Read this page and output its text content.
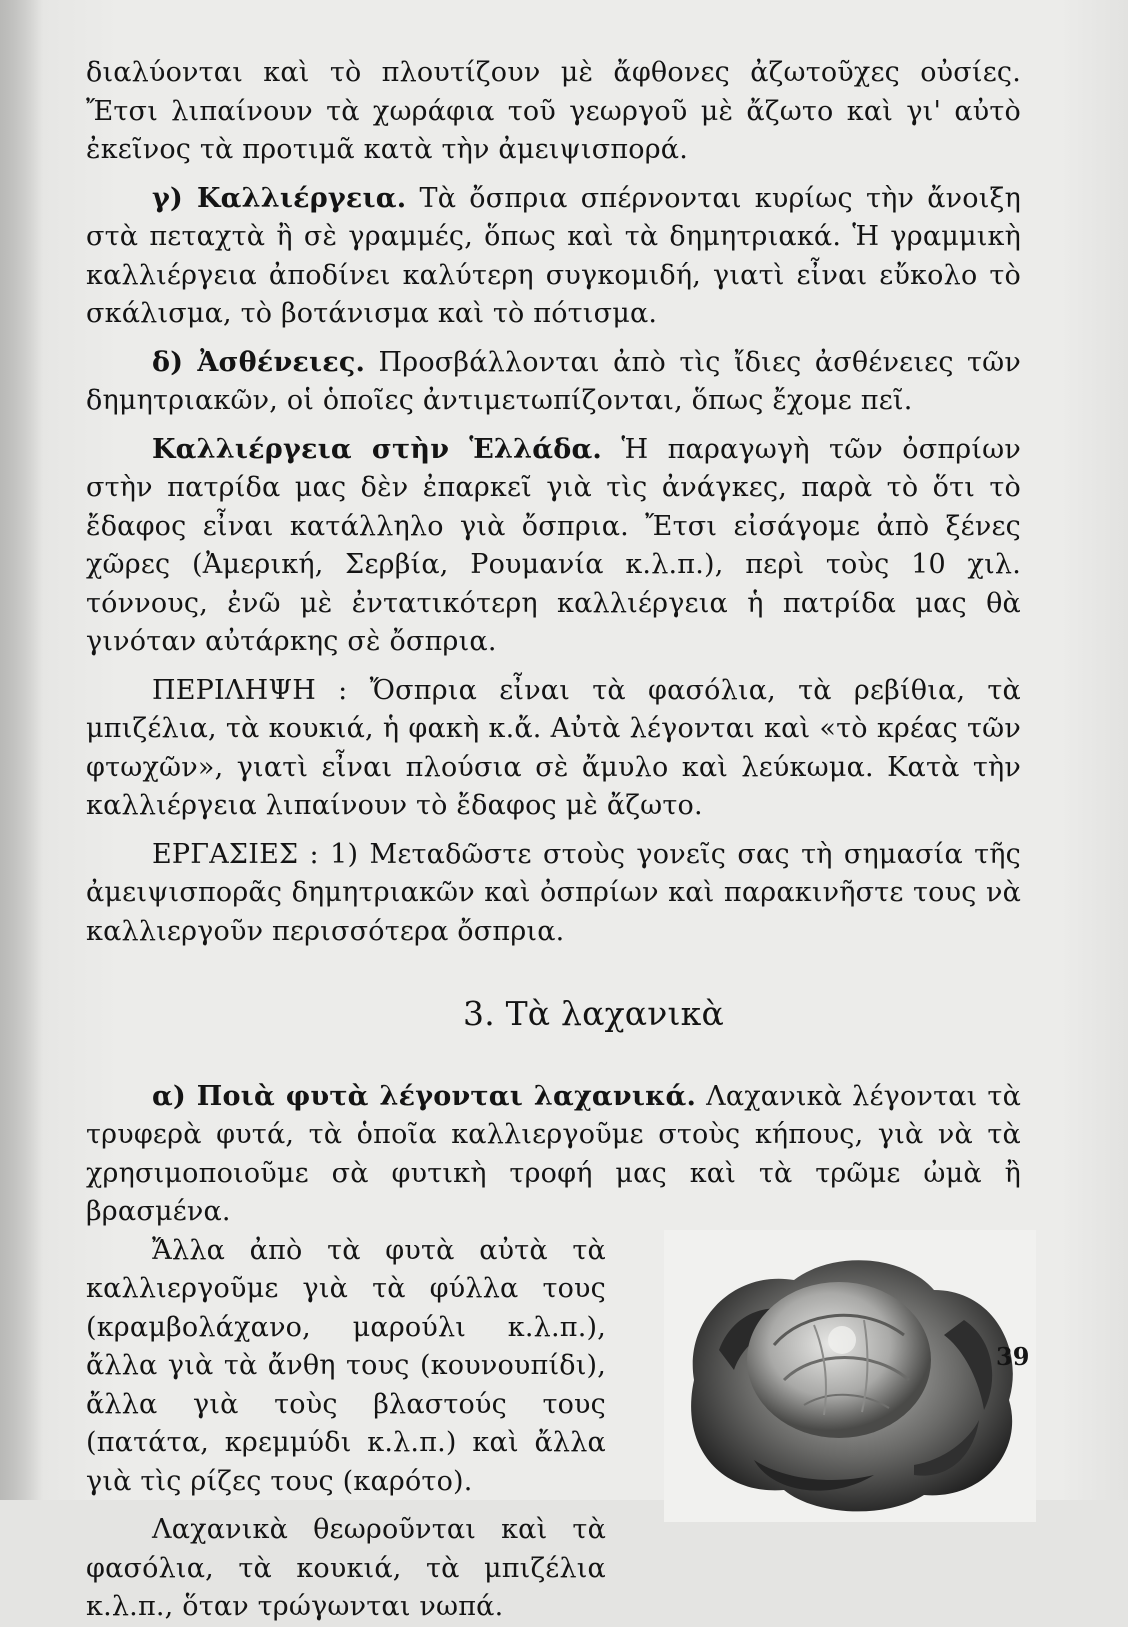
διαλύονται καὶ τὸ πλουτίζουν μὲ ἄφθονες ἀζωτοῦχες οὐσίες. Ἔτσι λιπαίνουν τὰ χωράφια τοῦ γεωργοῦ μὲ ἄζωτο καὶ γι' αὐτὸ ἐκεῖνος τὰ προτιμᾶ κατὰ τὴν ἀμειψισπορά.

γ) Καλλιέργεια. Τὰ ὄσπρια σπέρνονται κυρίως τὴν ἄνοιξη στὰ πεταχτὰ ἢ σὲ γραμμές, ὅπως καὶ τὰ δημητριακά. Ἡ γραμμικὴ καλλιέργεια ἀποδίνει καλύτερη συγκομιδή, γιατὶ εἶναι εὔκολο τὸ σκάλισμα, τὸ βοτάνισμα καὶ τὸ πότισμα.

δ) Ἀσθένειες. Προσβάλλονται ἀπὸ τὶς ἴδιες ἀσθένειες τῶν δημητριακῶν, οἱ ὁποῖες ἀντιμετωπίζονται, ὅπως ἔχομε πεῖ.

Καλλιέργεια στὴν Ἑλλάδα. Ἡ παραγωγὴ τῶν ὀσπρίων στὴν πατρίδα μας δὲν ἐπαρκεῖ γιὰ τὶς ἀνάγκες, παρὰ τὸ ὅτι τὸ ἔδαφος εἶναι κατάλληλο γιὰ ὄσπρια. Ἔτσι εἰσάγομε ἀπὸ ξένες χῶρες (Ἀμερική, Σερβία, Ρουμανία κ.λ.π.), περὶ τοὺς 10 χιλ. τόννους, ἐνῶ μὲ ἐντατικότερη καλλιέργεια ἡ πατρίδα μας θὰ γινόταν αὐτάρκης σὲ ὄσπρια.

ΠΕΡΙΛΗΨΗ : Ὄσπρια εἶναι τὰ φασόλια, τὰ ρεβίθια, τὰ μπιζέλια, τὰ κουκιά, ἡ φακὴ κ.ἄ. Αὐτὰ λέγονται καὶ «τὸ κρέας τῶν φτωχῶν», γιατὶ εἶναι πλούσια σὲ ἄμυλο καὶ λεύκωμα. Κατὰ τὴν καλλιέργεια λιπαίνουν τὸ ἔδαφος μὲ ἄζωτο.

ΕΡΓΑΣΙΕΣ : 1) Μεταδῶστε στοὺς γονεῖς σας τὴ σημασία τῆς ἀμειψισπορᾶς δημητριακῶν καὶ ὀσπρίων καὶ παρακινῆστε τους νὰ καλλιεργοῦν περισσότερα ὄσπρια.

3. Τὰ λαχανικὰ

α) Ποιὰ φυτὰ λέγονται λαχανικά. Λαχανικὰ λέγονται τὰ τρυφερὰ φυτά, τὰ ὁποῖα καλλιεργοῦμε στοὺς κήπους, γιὰ νὰ τὰ χρησιμοποιοῦμε σὰ φυτικὴ τροφή μας καὶ τὰ τρῶμε ὠμὰ ἢ βρασμένα.

Ἄλλα ἀπὸ τὰ φυτὰ αὐτὰ τὰ καλλιεργοῦμε γιὰ τὰ φύλλα τους (κραμβολάχανο, μαρούλι κ.λ.π.), ἄλλα γιὰ τὰ ἄνθη τους (κουνουπίδι), ἄλλα γιὰ τοὺς βλαστούς τους (πατάτα, κρεμμύδι κ.λ.π.) καὶ ἄλλα γιὰ τὶς ρίζες τους (καρότο).

Λαχανικὰ θεωροῦνται καὶ τὰ φασόλια, τὰ κουκιά, τὰ μπιζέλια κ.λ.π., ὅταν τρώγωνται νωπά.

39
